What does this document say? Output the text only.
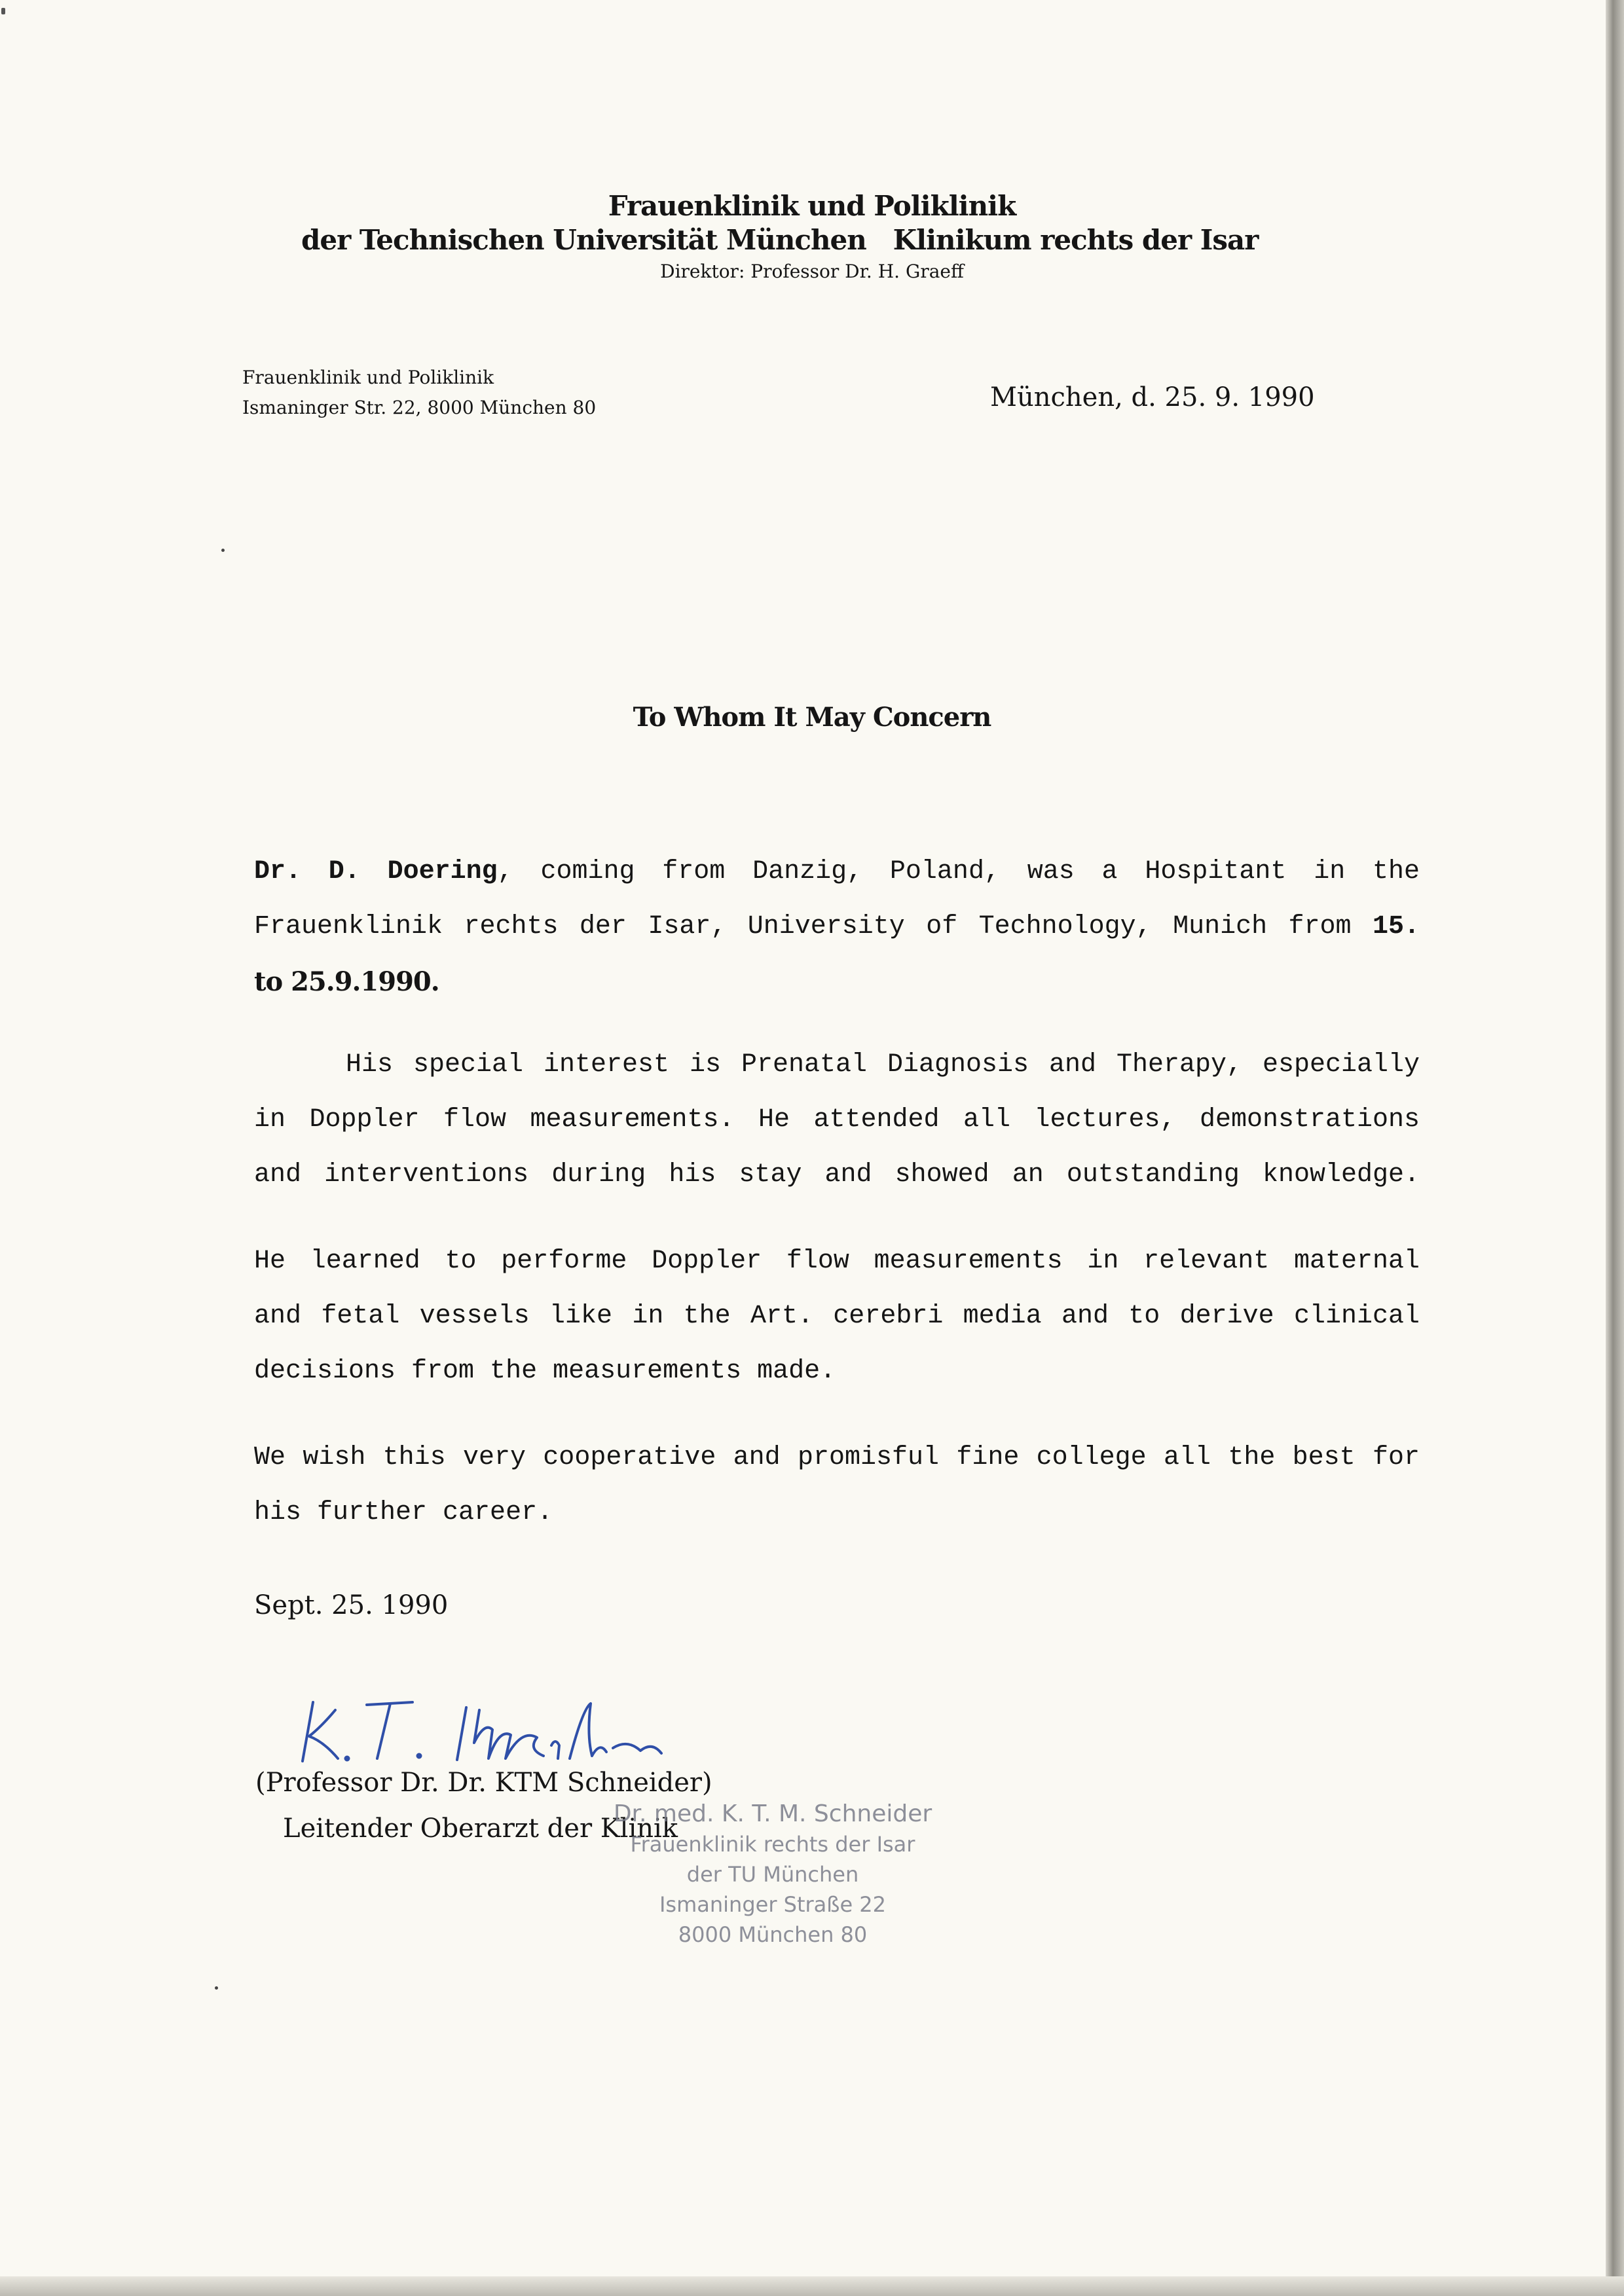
Frauenklinik und Poliklinik
der Technischen Universität München   Klinikum rechts der Isar
Direktor: Professor Dr. H. Graeff
Frauenklinik und Poliklinik
Ismaninger Str. 22, 8000 München 80	München, d. 25. 9. 1990
To Whom It May Concern
Dr. D. Doering, coming from Danzig, Poland, was a Hospitant in the
Frauenklinik rechts der Isar, University of Technology, Munich from 15.
to 25.9.1990.
His special interest is Prenatal Diagnosis and Therapy, especially
in Doppler flow measurements. He attended all lectures, demonstrations
and interventions during his stay and showed an outstanding knowledge.
He learned to performe Doppler flow measurements in relevant maternal
and fetal vessels like in the Art. cerebri media and to derive clinical
decisions from the measurements made.
We wish this very cooperative and promisful fine college all the best for
his further career.
Sept. 25. 1990
(Professor Dr. Dr. KTM Schneider)
Leitender Oberarzt der Klinik
Dr. med. K. T. M. Schneider
Frauenklinik rechts der Isar
der TU München
Ismaninger Straße 22
8000 München 80
